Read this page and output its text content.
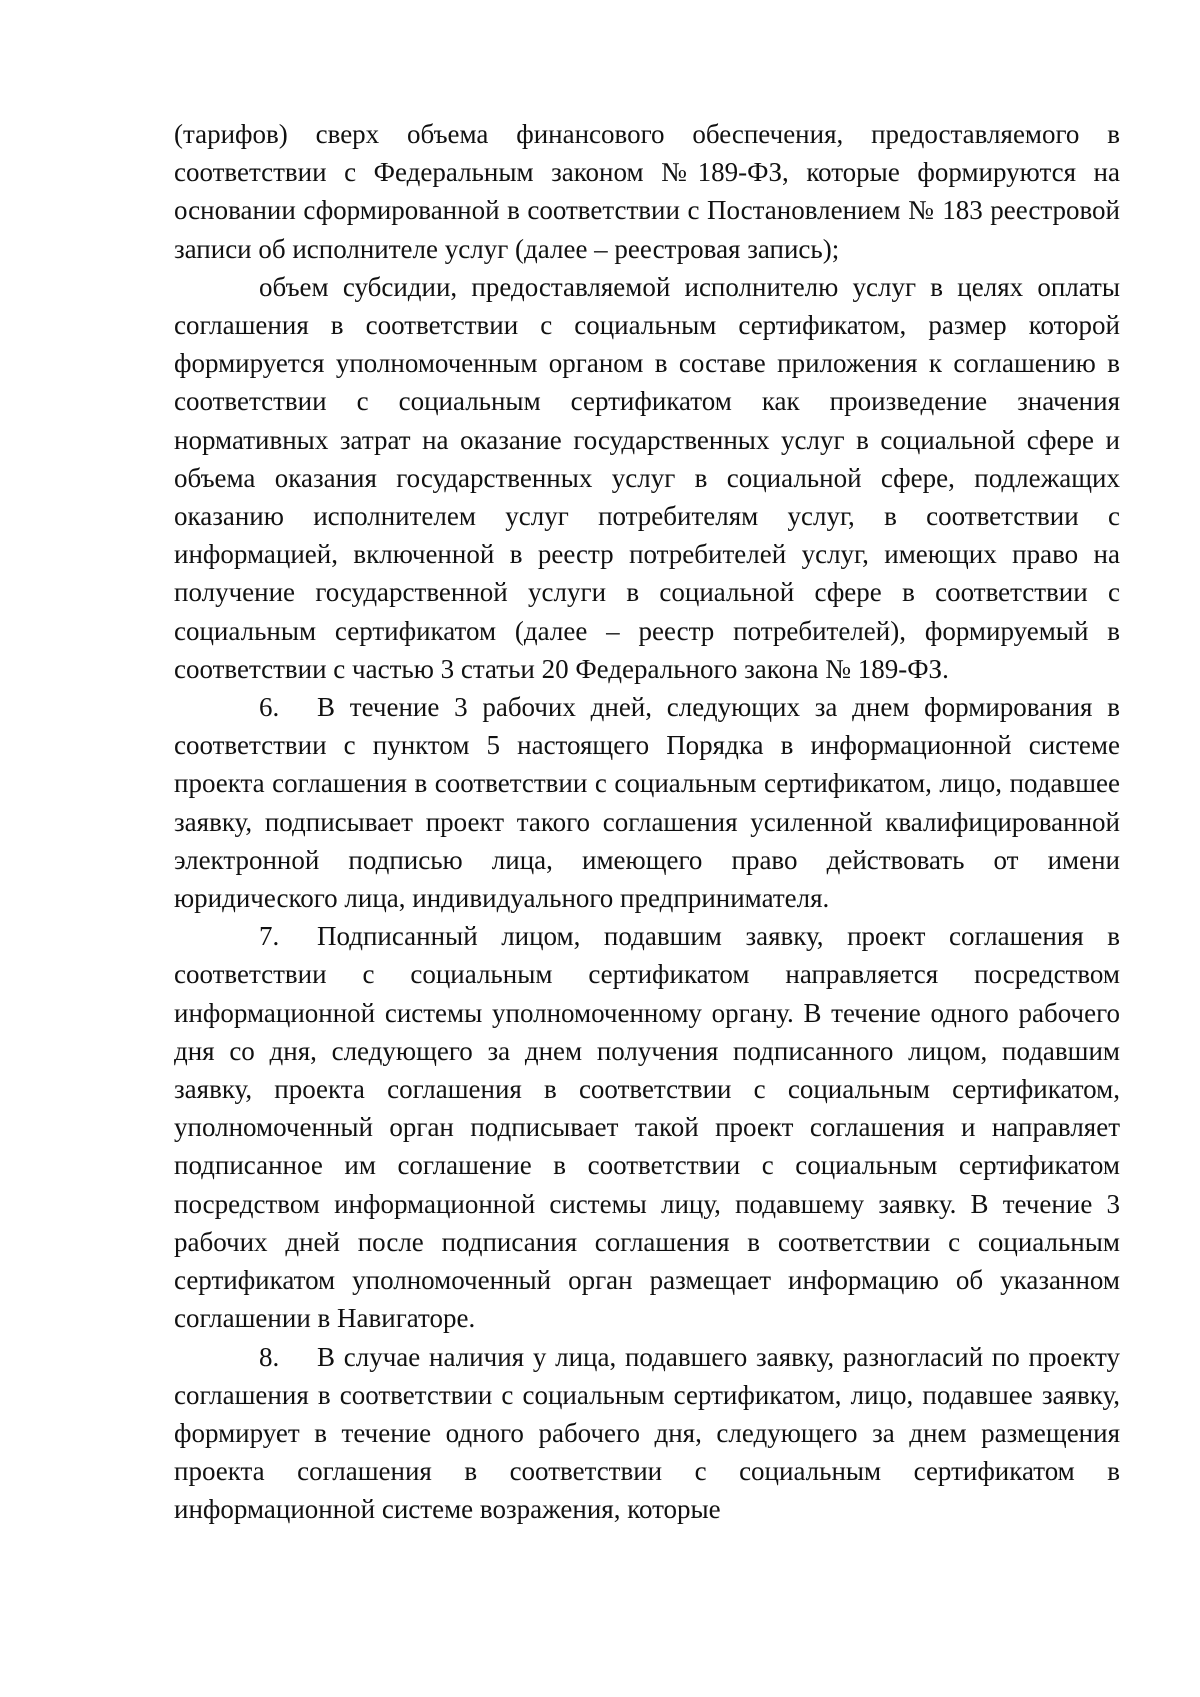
(тарифов) сверх объема финансового обеспечения, предоставляемого в соответствии с Федеральным законом №189-ФЗ, которые формируются на основании сформированной в соответствии с Постановлением № 183 реестровой записи об исполнителе услуг (далее – реестровая запись);

объем субсидии, предоставляемой исполнителю услуг в целях оплаты соглашения в соответствии с социальным сертификатом, размер которой формируется уполномоченным органом в составе приложения к соглашению в соответствии с социальным сертификатом как произведение значения нормативных затрат на оказание государственных услуг в социальной сфере и объема оказания государственных услуг в социальной сфере, подлежащих оказанию исполнителем услуг потребителям услуг, в соответствии с информацией, включенной в реестр потребителей услуг, имеющих право на получение государственной услуги в социальной сфере в соответствии с социальным сертификатом (далее – реестр потребителей), формируемый в соответствии с частью 3 статьи 20 Федерального закона № 189-ФЗ.

6. В течение 3 рабочих дней, следующих за днем формирования в соответствии с пунктом 5 настоящего Порядка в информационной системе проекта соглашения в соответствии с социальным сертификатом, лицо, подавшее заявку, подписывает проект такого соглашения усиленной квалифицированной электронной подписью лица, имеющего право действовать от имени юридического лица, индивидуального предпринимателя.

7. Подписанный лицом, подавшим заявку, проект соглашения в соответствии с социальным сертификатом направляется посредством информационной системы уполномоченному органу. В течение одного рабочего дня со дня, следующего за днем получения подписанного лицом, подавшим заявку, проекта соглашения в соответствии с социальным сертификатом, уполномоченный орган подписывает такой проект соглашения и направляет подписанное им соглашение в соответствии с социальным сертификатом посредством информационной системы лицу, подавшему заявку. В течение 3 рабочих дней после подписания соглашения в соответствии с социальным сертификатом уполномоченный орган размещает информацию об указанном соглашении в Навигаторе.

8. В случае наличия у лица, подавшего заявку, разногласий по проекту соглашения в соответствии с социальным сертификатом, лицо, подавшее заявку, формирует в течение одного рабочего дня, следующего за днем размещения проекта соглашения в соответствии с социальным сертификатом в информационной системе возражения, которые
